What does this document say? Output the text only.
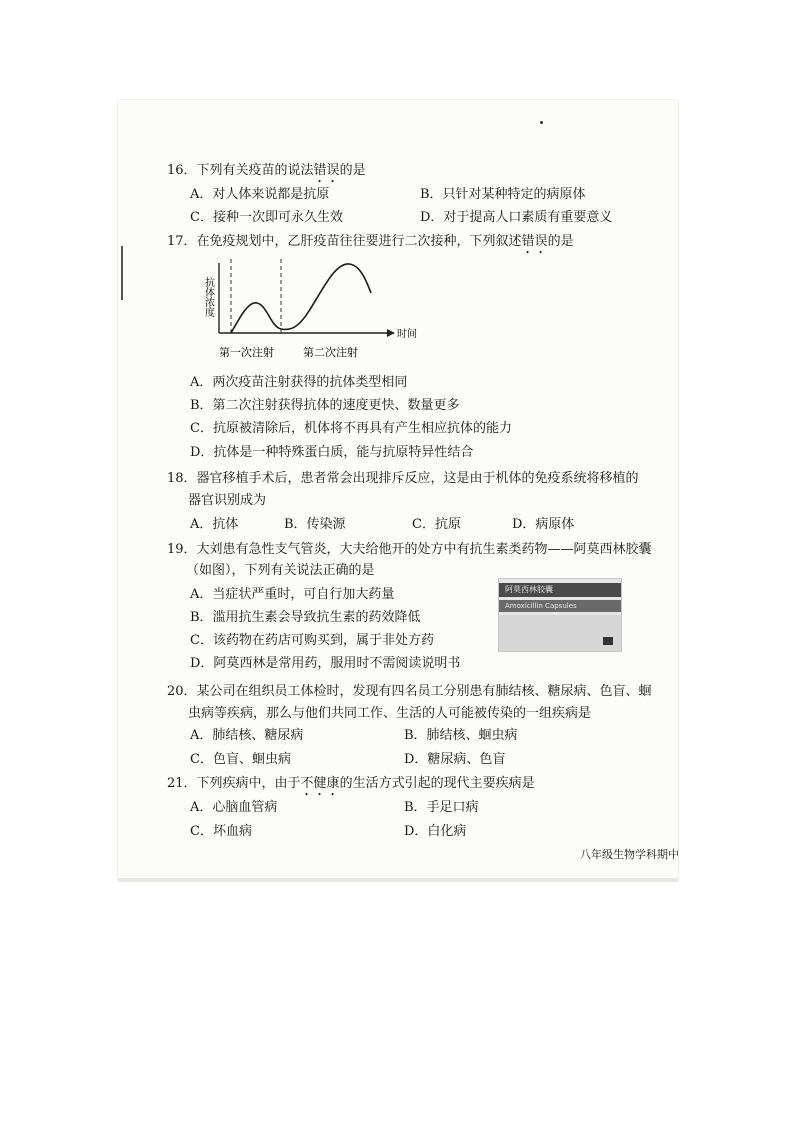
16．下列有关疫苗的说法错误的是
A．对人体来说都是抗原	B．只针对某种特定的病原体
C．接种一次即可永久生效	D．对于提高人口素质有重要意义
17．在免疫规划中，乙肝疫苗往往要进行二次接种，下列叙述错误的是
抗体浓度
时间
第一次注射	第二次注射
A．两次疫苗注射获得的抗体类型相同
B．第二次注射获得抗体的速度更快、数量更多
C．抗原被清除后，机体将不再具有产生相应抗体的能力
D．抗体是一种特殊蛋白质，能与抗原特异性结合
18．器官移植手术后，患者常会出现排斥反应，这是由于机体的免疫系统将移植的
器官识别成为
A．抗体	B．传染源	C．抗原	D．病原体
19．大刘患有急性支气管炎，大夫给他开的处方中有抗生素类药物——阿莫西林胶囊
（如图），下列有关说法正确的是
A．当症状严重时，可自行加大药量
B．滥用抗生素会导致抗生素的药效降低
C．该药物在药店可购买到，属于非处方药
D．阿莫西林是常用药，服用时不需阅读说明书
阿莫西林胶囊
Amoxicillin Capsules
20．某公司在组织员工体检时，发现有四名员工分别患有肺结核、糖尿病、色盲、蛔
虫病等疾病，那么与他们共同工作、生活的人可能被传染的一组疾病是
A．肺结核、糖尿病	B．肺结核、蛔虫病
C．色盲、蛔虫病	D．糖尿病、色盲
21．下列疾病中，由于不健康的生活方式引起的现代主要疾病是
A．心脑血管病	B．手足口病
C．坏血病	D．白化病
八年级生物学科期中
